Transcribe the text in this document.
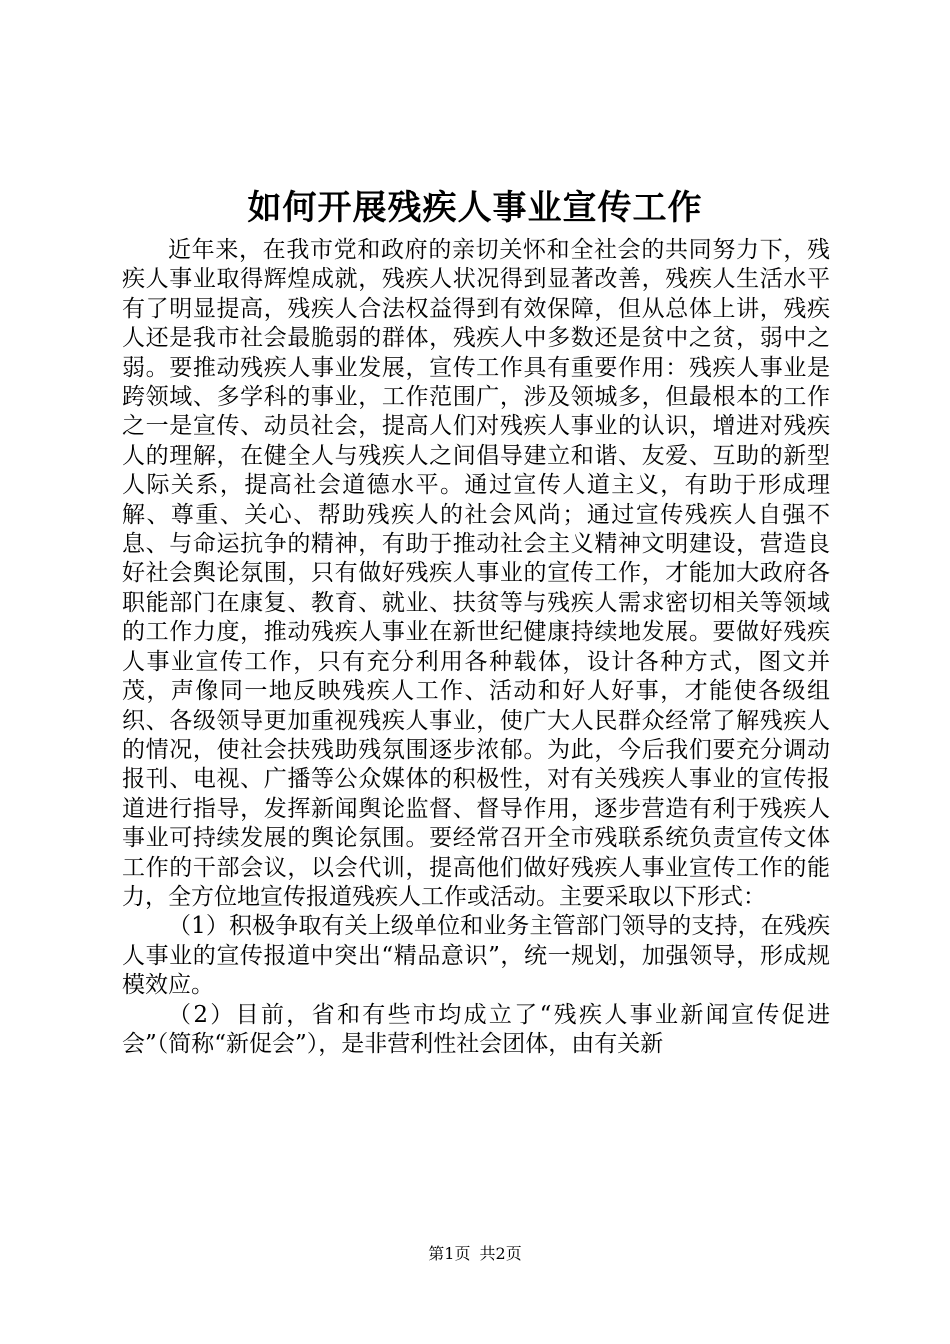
如何开展残疾人事业宣传工作

近年来，在我市党和政府的亲切关怀和全社会的共同努力下，残疾人事业取得辉煌成就，残疾人状况得到显著改善，残疾人生活水平有了明显提高，残疾人合法权益得到有效保障，但从总体上讲，残疾人还是我市社会最脆弱的群体，残疾人中多数还是贫中之贫，弱中之弱。要推动残疾人事业发展，宣传工作具有重要作用：残疾人事业是跨领域、多学科的事业，工作范围广，涉及领城多，但最根本的工作之一是宣传、动员社会，提高人们对残疾人事业的认识，增进对残疾人的理解，在健全人与残疾人之间倡导建立和谐、友爱、互助的新型人际关系，提高社会道德水平。通过宣传人道主义，有助于形成理解、尊重、关心、帮助残疾人的社会风尚；通过宣传残疾人自强不息、与命运抗争的精神，有助于推动社会主义精神文明建设，营造良好社会舆论氛围，只有做好残疾人事业的宣传工作，才能加大政府各职能部门在康复、教育、就业、扶贫等与残疾人需求密切相关等领域的工作力度，推动残疾人事业在新世纪健康持续地发展。要做好残疾人事业宣传工作，只有充分利用各种载体，设计各种方式，图文并茂，声像同一地反映残疾人工作、活动和好人好事，才能使各级组织、各级领导更加重视残疾人事业，使广大人民群众经常了解残疾人的情况，使社会扶残助残氛围逐步浓郁。为此，今后我们要充分调动报刊、电视、广播等公众媒体的积极性，对有关残疾人事业的宣传报道进行指导，发挥新闻舆论监督、督导作用，逐步营造有利于残疾人事业可持续发展的舆论氛围。要经常召开全市残联系统负责宣传文体工作的干部会议，以会代训，提高他们做好残疾人事业宣传工作的能力，全方位地宣传报道残疾人工作或活动。主要采取以下形式：

（1）积极争取有关上级单位和业务主管部门领导的支持，在残疾人事业的宣传报道中突出“精品意识”，统一规划，加强领导，形成规模效应。

（2）目前，省和有些市均成立了“残疾人事业新闻宣传促进会”（简称“新促会”），是非营利性社会团体，由有关新

第1页 共2页
